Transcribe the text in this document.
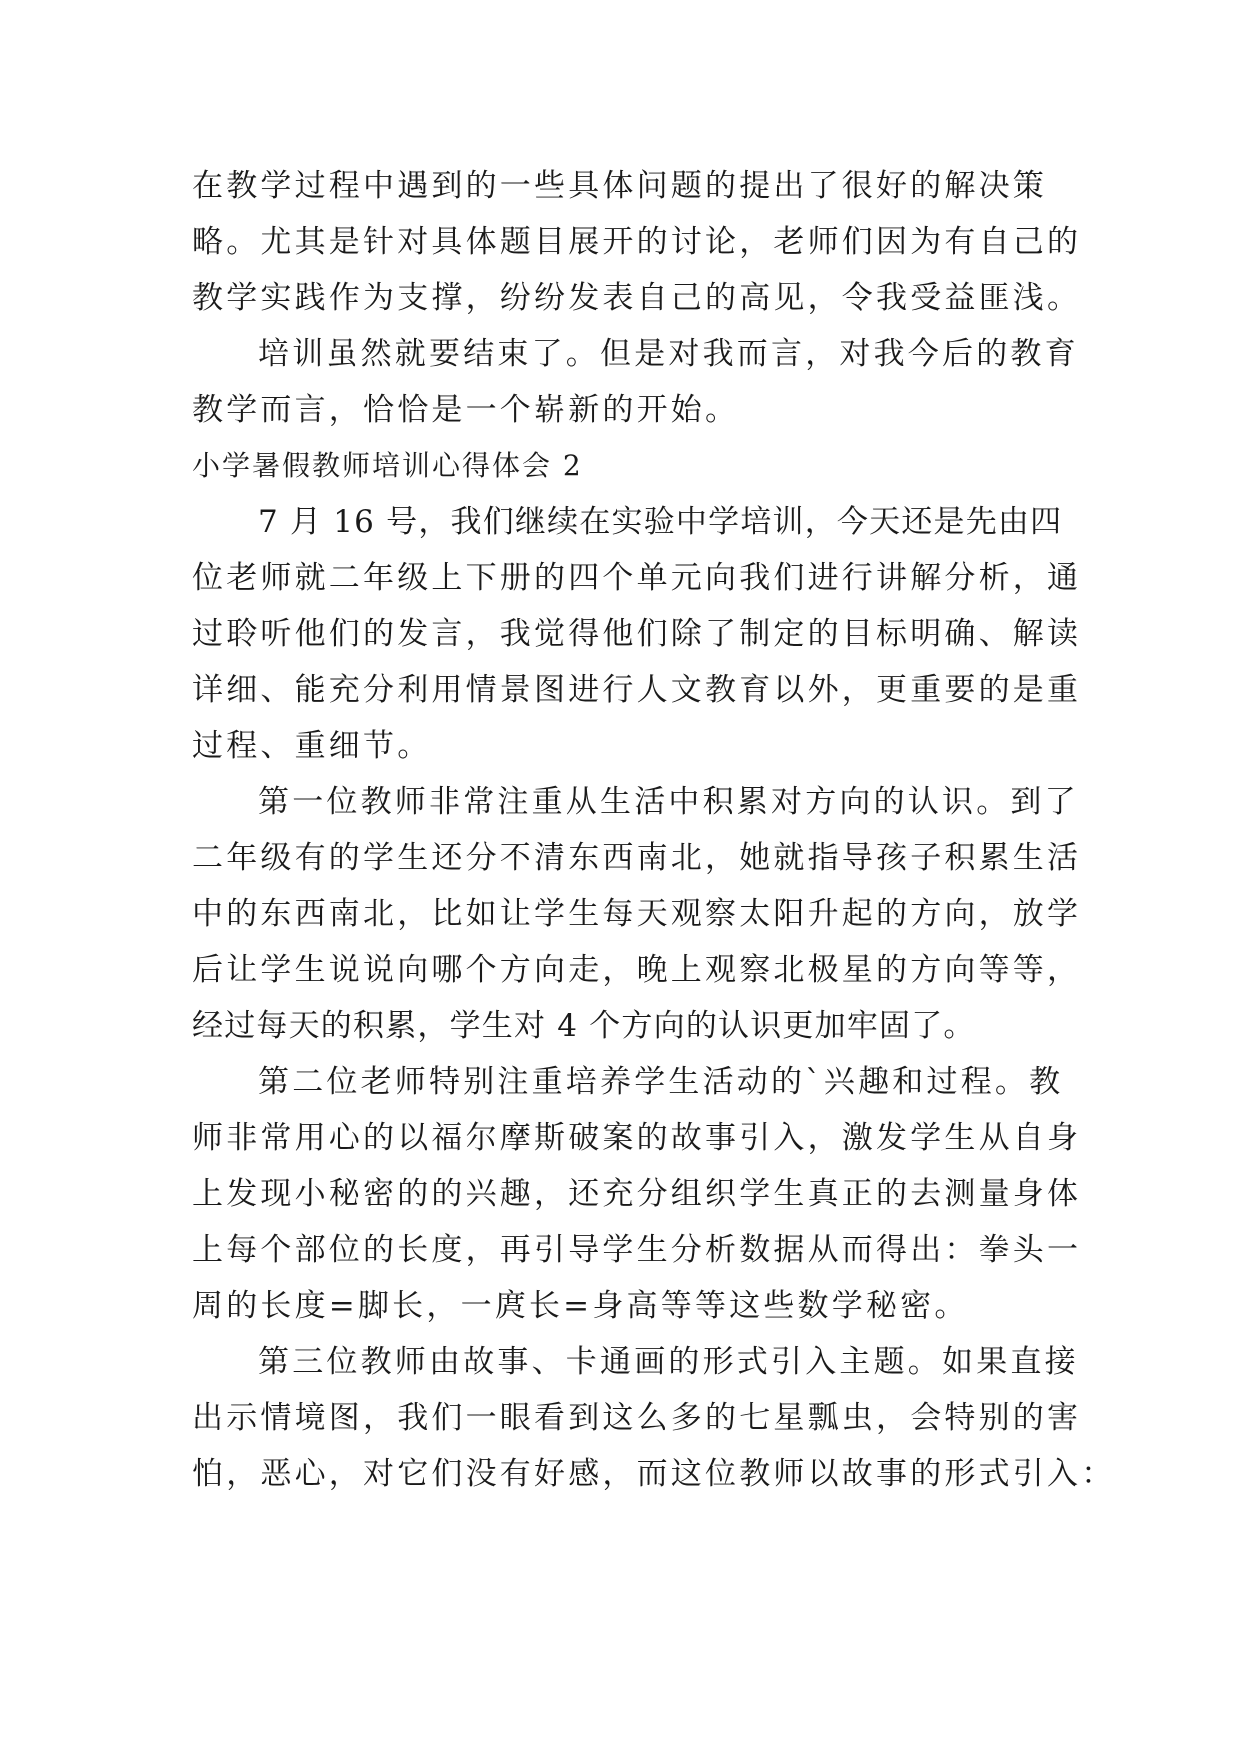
在教学过程中遇到的一些具体问题的提出了很好的解决策
略。尤其是针对具体题目展开的讨论，老师们因为有自己的
教学实践作为支撑，纷纷发表自己的高见，令我受益匪浅。
培训虽然就要结束了。但是对我而言，对我今后的教育
教学而言，恰恰是一个崭新的开始。
小学暑假教师培训心得体会 2
7 月 16 号，我们继续在实验中学培训，今天还是先由四
位老师就二年级上下册的四个单元向我们进行讲解分析，通
过聆听他们的发言，我觉得他们除了制定的目标明确、解读
详细、能充分利用情景图进行人文教育以外，更重要的是重
过程、重细节。
第一位教师非常注重从生活中积累对方向的认识。到了
二年级有的学生还分不清东西南北，她就指导孩子积累生活
中的东西南北，比如让学生每天观察太阳升起的方向，放学
后让学生说说向哪个方向走，晚上观察北极星的方向等等，
经过每天的积累，学生对 4 个方向的认识更加牢固了。
第二位老师特别注重培养学生活动的`兴趣和过程。教
师非常用心的以福尔摩斯破案的故事引入，激发学生从自身
上发现小秘密的的兴趣，还充分组织学生真正的去测量身体
上每个部位的长度，再引导学生分析数据从而得出：拳头一
周的长度=脚长，一庹长=身高等等这些数学秘密。
第三位教师由故事、卡通画的形式引入主题。如果直接
出示情境图，我们一眼看到这么多的七星瓢虫，会特别的害
怕，恶心，对它们没有好感，而这位教师以故事的形式引入：
